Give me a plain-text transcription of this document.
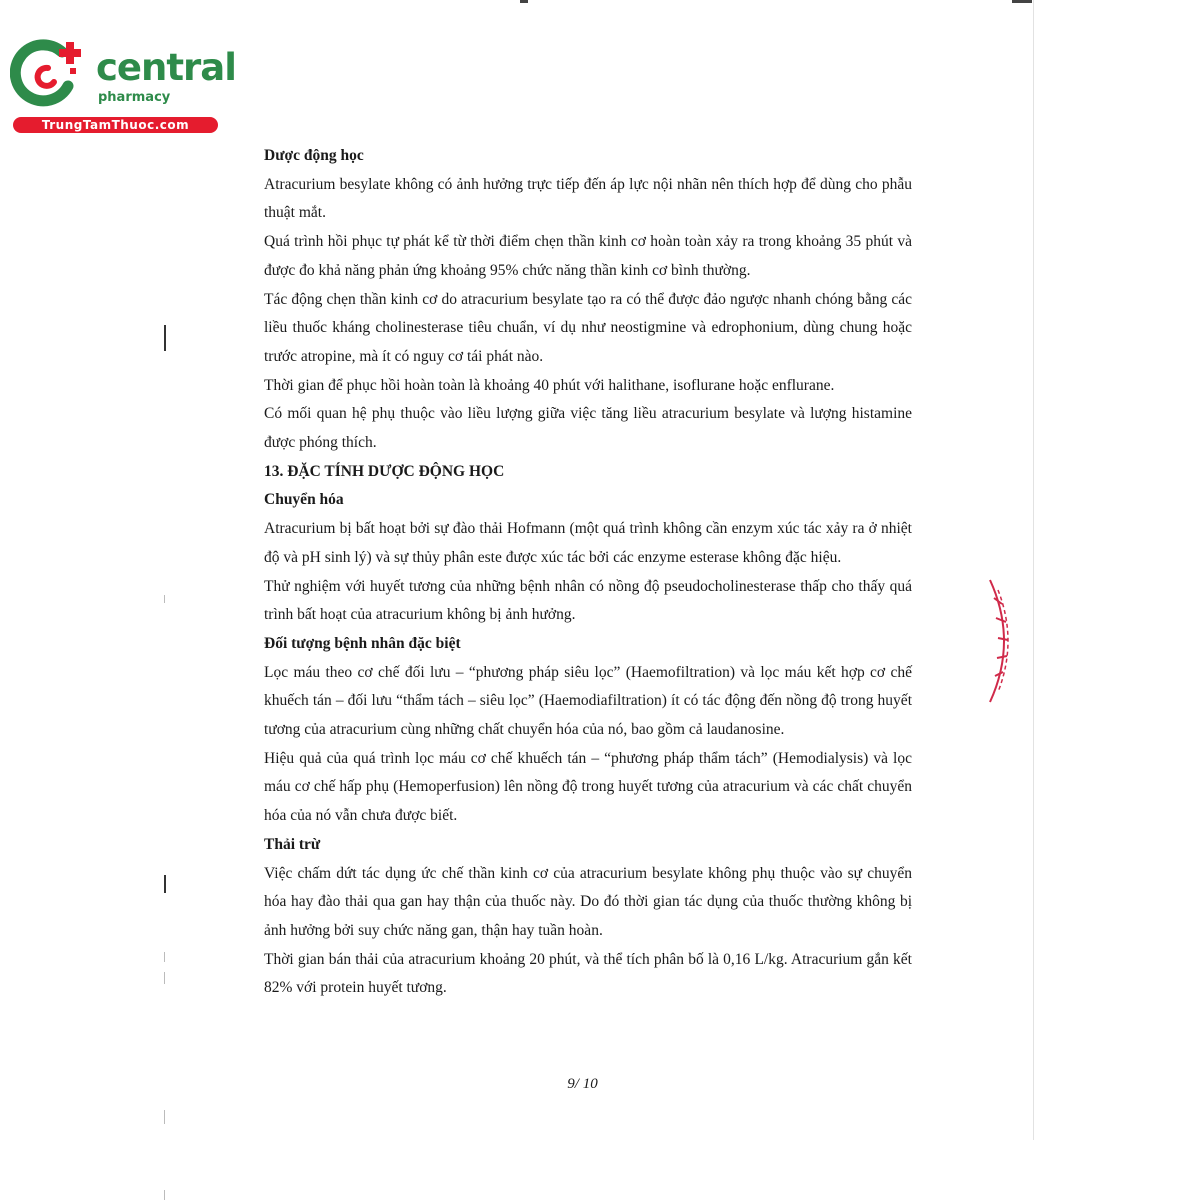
central
pharmacy
TrungTamThuoc.com

Dược động học

Atracurium besylate không có ảnh hưởng trực tiếp đến áp lực nội nhãn nên thích hợp để dùng cho phẫu thuật mắt.

Quá trình hồi phục tự phát kể từ thời điểm chẹn thần kinh cơ hoàn toàn xảy ra trong khoảng 35 phút và được đo khả năng phản ứng khoảng 95% chức năng thần kinh cơ bình thường.

Tác động chẹn thần kinh cơ do atracurium besylate tạo ra có thể được đảo ngược nhanh chóng bằng các liều thuốc kháng cholinesterase tiêu chuẩn, ví dụ như neostigmine và edrophonium, dùng chung hoặc trước atropine, mà ít có nguy cơ tái phát nào.

Thời gian để phục hồi hoàn toàn là khoảng 40 phút với halithane, isoflurane hoặc enflurane.

Có mối quan hệ phụ thuộc vào liều lượng giữa việc tăng liều atracurium besylate và lượng histamine được phóng thích.

13. ĐẶC TÍNH DƯỢC ĐỘNG HỌC

Chuyển hóa

Atracurium bị bất hoạt bởi sự đào thải Hofmann (một quá trình không cần enzym xúc tác xảy ra ở nhiệt độ và pH sinh lý) và sự thủy phân este được xúc tác bởi các enzyme esterase không đặc hiệu.

Thử nghiệm với huyết tương của những bệnh nhân có nồng độ pseudocholinesterase thấp cho thấy quá trình bất hoạt của atracurium không bị ảnh hưởng.

Đối tượng bệnh nhân đặc biệt

Lọc máu theo cơ chế đối lưu – “phương pháp siêu lọc” (Haemofiltration) và lọc máu kết hợp cơ chế khuếch tán – đối lưu “thẩm tách – siêu lọc” (Haemodiafiltration) ít có tác động đến nồng độ trong huyết tương của atracurium cùng những chất chuyển hóa của nó, bao gồm cả laudanosine.

Hiệu quả của quá trình lọc máu cơ chế khuếch tán – “phương pháp thẩm tách” (Hemodialysis) và lọc máu cơ chế hấp phụ (Hemoperfusion) lên nồng độ trong huyết tương của atracurium và các chất chuyển hóa của nó vẫn chưa được biết.

Thải trừ

Việc chấm dứt tác dụng ức chế thần kinh cơ của atracurium besylate không phụ thuộc vào sự chuyển hóa hay đào thải qua gan hay thận của thuốc này. Do đó thời gian tác dụng của thuốc thường không bị ảnh hưởng bởi suy chức năng gan, thận hay tuần hoàn.

Thời gian bán thải của atracurium khoảng 20 phút, và thể tích phân bố là 0,16 L/kg. Atracurium gắn kết 82% với protein huyết tương.

9/ 10
